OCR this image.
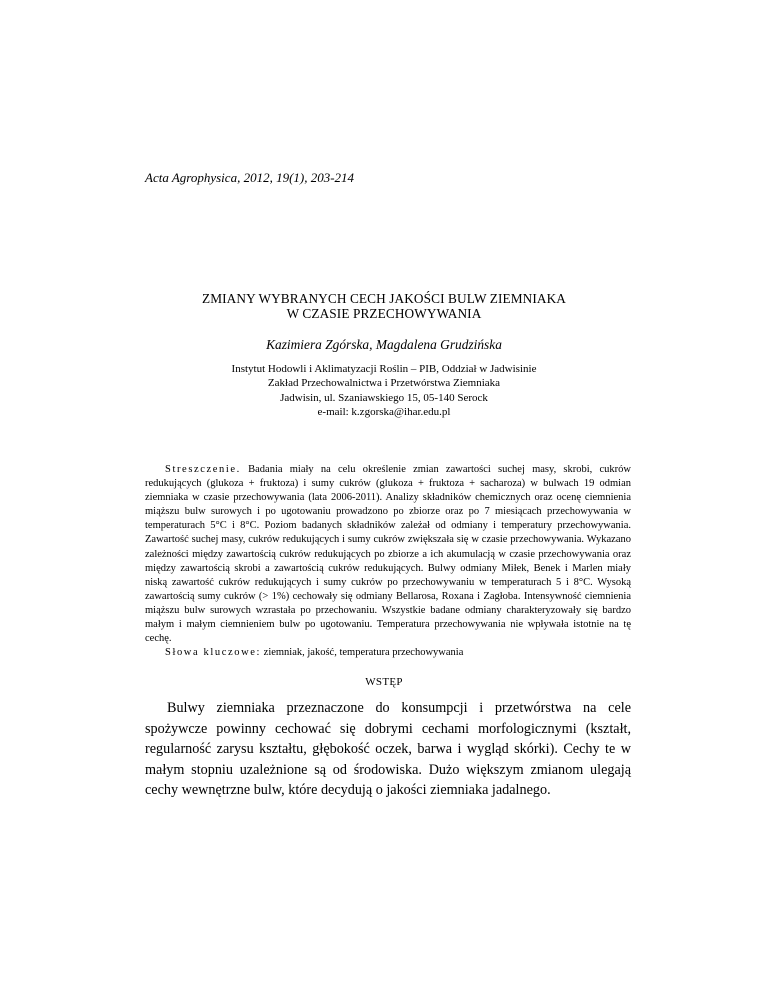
Acta Agrophysica, 2012, 19(1), 203-214
ZMIANY WYBRANYCH CECH JAKOŚCI BULW ZIEMNIAKA
W CZASIE PRZECHOWYWANIA
Kazimiera Zgórska, Magdalena Grudzińska
Instytut Hodowli i Aklimatyzacji Roślin – PIB, Oddział w Jadwisinie
Zakład Przechowalnictwa i Przetwórstwa Ziemniaka
Jadwisin, ul. Szaniawskiego 15, 05-140 Serock
e-mail: k.zgorska@ihar.edu.pl

Streszczenie. Badania miały na celu określenie zmian zawartości suchej masy, skrobi, cukrów redukujących (glukoza + fruktoza) i sumy cukrów (glukoza + fruktoza + sacharoza) w bulwach 19 odmian ziemniaka w czasie przechowywania (lata 2006-2011). Analizy składników chemicznych oraz ocenę ciemnienia miąższu bulw surowych i po ugotowaniu prowadzono po zbiorze oraz po 7 miesiącach przechowywania w temperaturach 5°C i 8°C. Poziom badanych składników zależał od odmiany i temperatury przechowywania. Zawartość suchej masy, cukrów redukujących i sumy cukrów zwiększała się w czasie przechowywania. Wykazano zależności między zawartością cukrów redukujących po zbiorze a ich akumulacją w czasie przechowywania oraz między zawartością skrobi a zawartością cukrów redukujących. Bulwy odmiany Miłek, Benek i Marlen miały niską zawartość cukrów redukujących i sumy cukrów po przechowywaniu w temperaturach 5 i 8°C. Wysoką zawartością sumy cukrów (> 1%) cechowały się odmiany Bellarosa, Roxana i Zagłoba. Intensywność ciemnienia miąższu bulw surowych wzrastała po przechowaniu. Wszystkie badane odmiany charakteryzowały się bardzo małym i małym ciemnieniem bulw po ugotowaniu. Temperatura przechowywania nie wpływała istotnie na tę cechę.

Słowa kluczowe: ziemniak, jakość, temperatura przechowywania

WSTĘP

Bulwy ziemniaka przeznaczone do konsumpcji i przetwórstwa na cele spożywcze powinny cechować się dobrymi cechami morfologicznymi (kształt, regularność zarysu kształtu, głębokość oczek, barwa i wygląd skórki). Cechy te w małym stopniu uzależnione są od środowiska. Dużo większym zmianom ulegają cechy wewnętrzne bulw, które decydują o jakości ziemniaka jadalnego.
